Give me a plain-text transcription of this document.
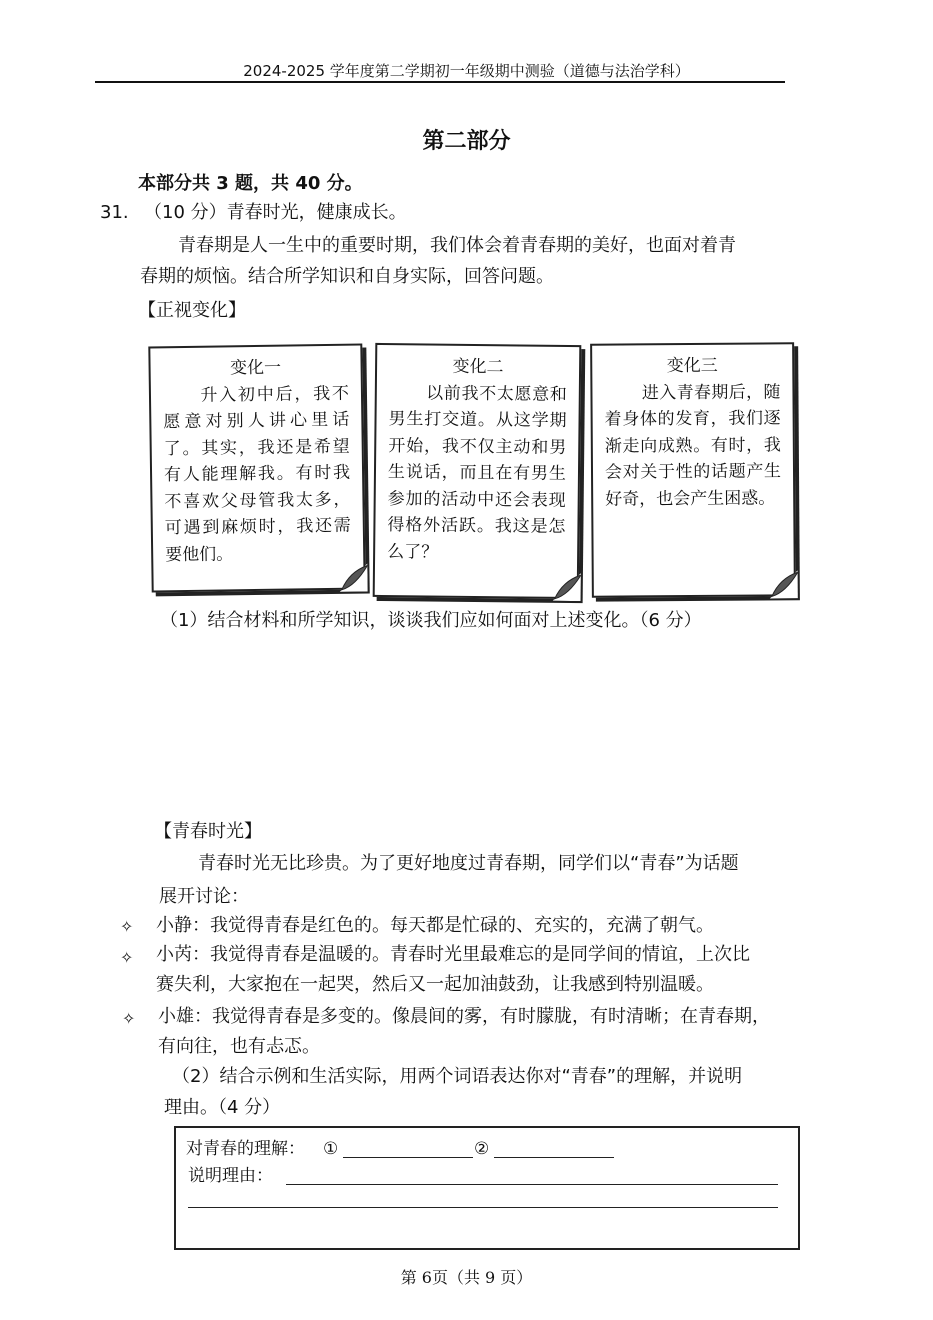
2024-2025 学年度第二学期初一年级期中测验（道德与法治学科）
第二部分
本部分共 3 题，共 40 分。
31. （10 分）青春时光，健康成长。
青春期是人一生中的重要时期，我们体会着青春期的美好，也面对着青
春期的烦恼。结合所学知识和自身实际，回答问题。
【正视变化】
变化一
升入初中后，我不愿意对别人讲心里话了。其实，我还是希望有人能理解我。有时我不喜欢父母管我太多，可遇到麻烦时，我还需要他们。
变化二
以前我不太愿意和男生打交道。从这学期开始，我不仅主动和男生说话，而且在有男生参加的活动中还会表现得格外活跃。我这是怎么了？
变化三
进入青春期后，随着身体的发育，我们逐渐走向成熟。有时，我会对关于性的话题产生好奇，也会产生困惑。
（1）结合材料和所学知识，谈谈我们应如何面对上述变化。（6 分）
【青春时光】
青春时光无比珍贵。为了更好地度过青春期，同学们以“青春”为话题
展开讨论：
✧ 小静：我觉得青春是红色的。每天都是忙碌的、充实的，充满了朝气。
✧ 小芮：我觉得青春是温暖的。青春时光里最难忘的是同学间的情谊，上次比
赛失利，大家抱在一起哭，然后又一起加油鼓劲，让我感到特别温暖。
✧ 小雄：我觉得青春是多变的。像晨间的雾，有时朦胧，有时清晰；在青春期，
有向往，也有忐忑。
（2）结合示例和生活实际，用两个词语表达你对“青春”的理解，并说明
理由。（4 分）
对青春的理解： ①	②
说明理由：
第 6页（共 9 页）
